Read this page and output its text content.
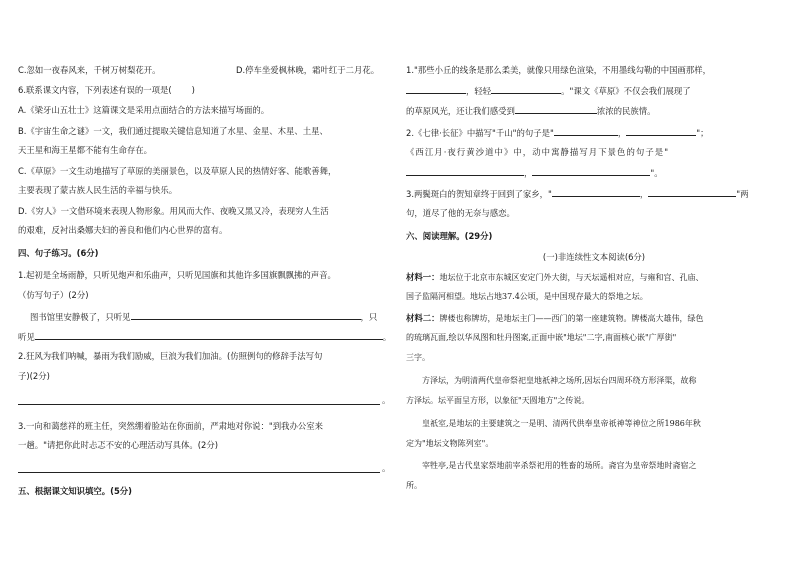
C.忽如一夜春风来，千树万树梨花开。	D.停车坐爱枫林晚，霜叶红于二月花。
6.联系课文内容，下列表述有误的一项是( )
A.《梁牙山五壮士》这篇课文是采用点面结合的方法来描写场面的。
B.《宇宙生命之谜》一文，我们通过提取关键信息知道了水星、金星、木星、土星、
天王星和海王星都不能有生命存在。
C.《草原》一文生动地描写了草原的美丽景色，以及草原人民的热情好客、能歌善舞，
主要表现了蒙古族人民生活的幸福与快乐。
D.《穷人》一文借环境来表现人物形象。用风而大作、夜晚又黑又冷，表现穷人生活
的艰难，反衬出桑娜夫妇的善良和他们内心世界的富有。
四、句子练习。(6分)
1.起初是全场雨静，只听见炮声和乐曲声，只听见国旗和其他许多国旗飘飘拂的声音。
（仿写句子）(2分)
图书馆里安静极了，只听见	，只
听见	。
2.狂风为我们呐喊，暴雨为我们励威，巨浪为我们加油。(仿照例句的修辞手法写句
子)(2分)
。
3.一向和蔼慈祥的班主任，突然绷着脸站在你面前，严肃地对你说："到我办公室来
一趟。"请把你此时忐忑不安的心理活动写具体。(2分)
。
五、根据课文知识填空。(5分)
1."那些小丘的线条是那么柔美，就像只用绿色渲染，不用墨线勾勒的中国画那样，
，轻轻	。"课文《草原》不仅会我们展现了
的草原风光，还让我们感受到	浓浓的民族情。
2.《七律·长征》中描写"千山"的句子是"	，	"；
《西江月·夜行黄沙道中》中，动中寓静描写月下景色的句子是"
，	"。
3.两鬓斑白的贺知章终于回到了家乡，"	，	"两
句，道尽了他的无奈与感恋。
六、阅读理解。(29分)
(一)非连续性文本阅读(6分)
材料一：地坛位于北京市东城区安定门外大街，与天坛遥相对应，与雍和宫、孔庙、
国子监隔河相望。地坛占地37.4公顷，是中国现存最大的祭地之坛。
材料二：牌楼也称牌坊，是地坛主门——西门的第一座建筑物。牌楼高大雄伟，绿色
的琉璃瓦面,绘以华凤图和牡丹图案,正面中嵌"地坛"二字,南面核心嵌"广厚街"
三字。
方泽坛，为明清两代皇帝祭祀皇地祇神之场所,因坛台四周环绕方形泽渠，故称
方泽坛。坛平面呈方形，以象征"天圆地方"之传说。
皇祇室,是地坛的主要建筑之一是明、清两代供奉皇帝祇神等神位之所1986年秋
定为"地坛文物陈列室"。
宰牲亭,是古代皇家祭地前宰杀祭祀用的牲畜的场所。斋宫为皇帝祭地时斋宿之
所。
